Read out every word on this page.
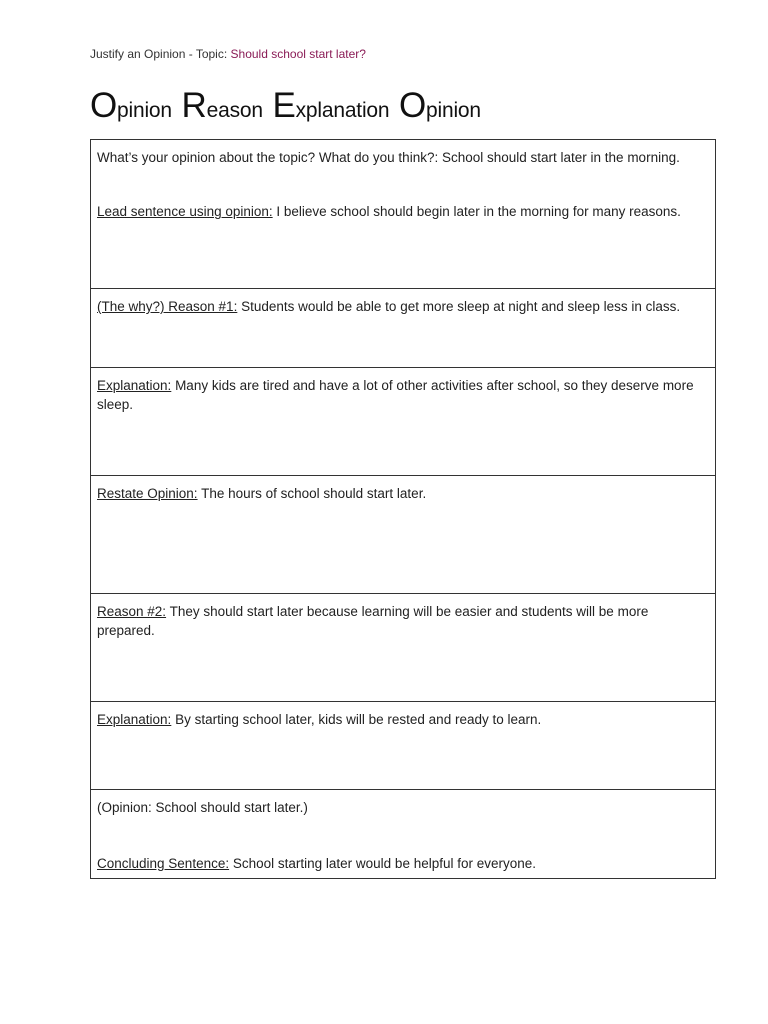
Justify an Opinion - Topic: Should school start later?
Opinion Reason Explanation Opinion
What’s your opinion about the topic? What do you think?: School should start later in the morning.
Lead sentence using opinion: I believe school should begin later in the morning for many reasons.
(The why?) Reason #1: Students would be able to get more sleep at night and sleep less in class.
Explanation: Many kids are tired and have a lot of other activities after school, so they deserve more sleep.
Restate Opinion: The hours of school should start later.
Reason #2: They should start later because learning will be easier and students will be more prepared.
Explanation: By starting school later, kids will be rested and ready to learn.
(Opinion: School should start later.)
Concluding Sentence: School starting later would be helpful for everyone.
